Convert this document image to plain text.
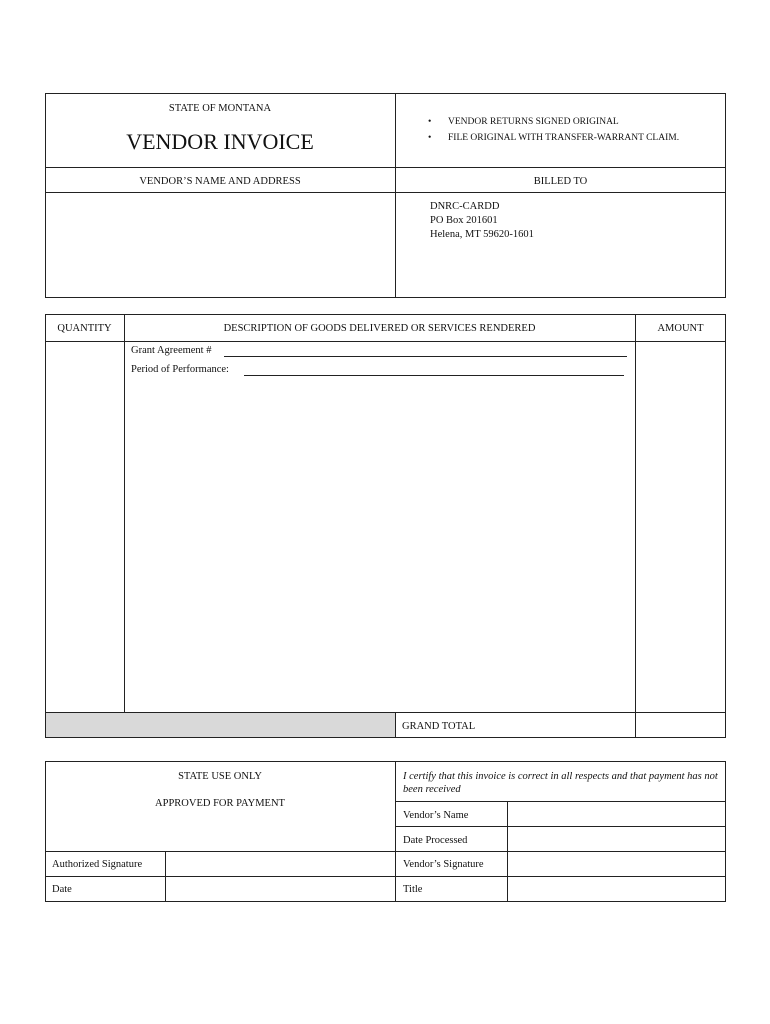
STATE OF MONTANA
VENDOR INVOICE
• VENDOR RETURNS SIGNED ORIGINAL
• FILE ORIGINAL WITH TRANSFER-WARRANT CLAIM.
VENDOR’S NAME AND ADDRESS	BILLED TO
DNRC-CARDD
PO Box 201601
Helena, MT 59620-1601
QUANTITY	DESCRIPTION OF GOODS DELIVERED OR SERVICES RENDERED	AMOUNT
Grant Agreement #
Period of Performance:
GRAND TOTAL
STATE USE ONLY
APPROVED FOR PAYMENT
I certify that this invoice is correct in all respects and that payment has not been received
Vendor’s Name
Date Processed
Authorized Signature	Vendor’s Signature
Date	Title
